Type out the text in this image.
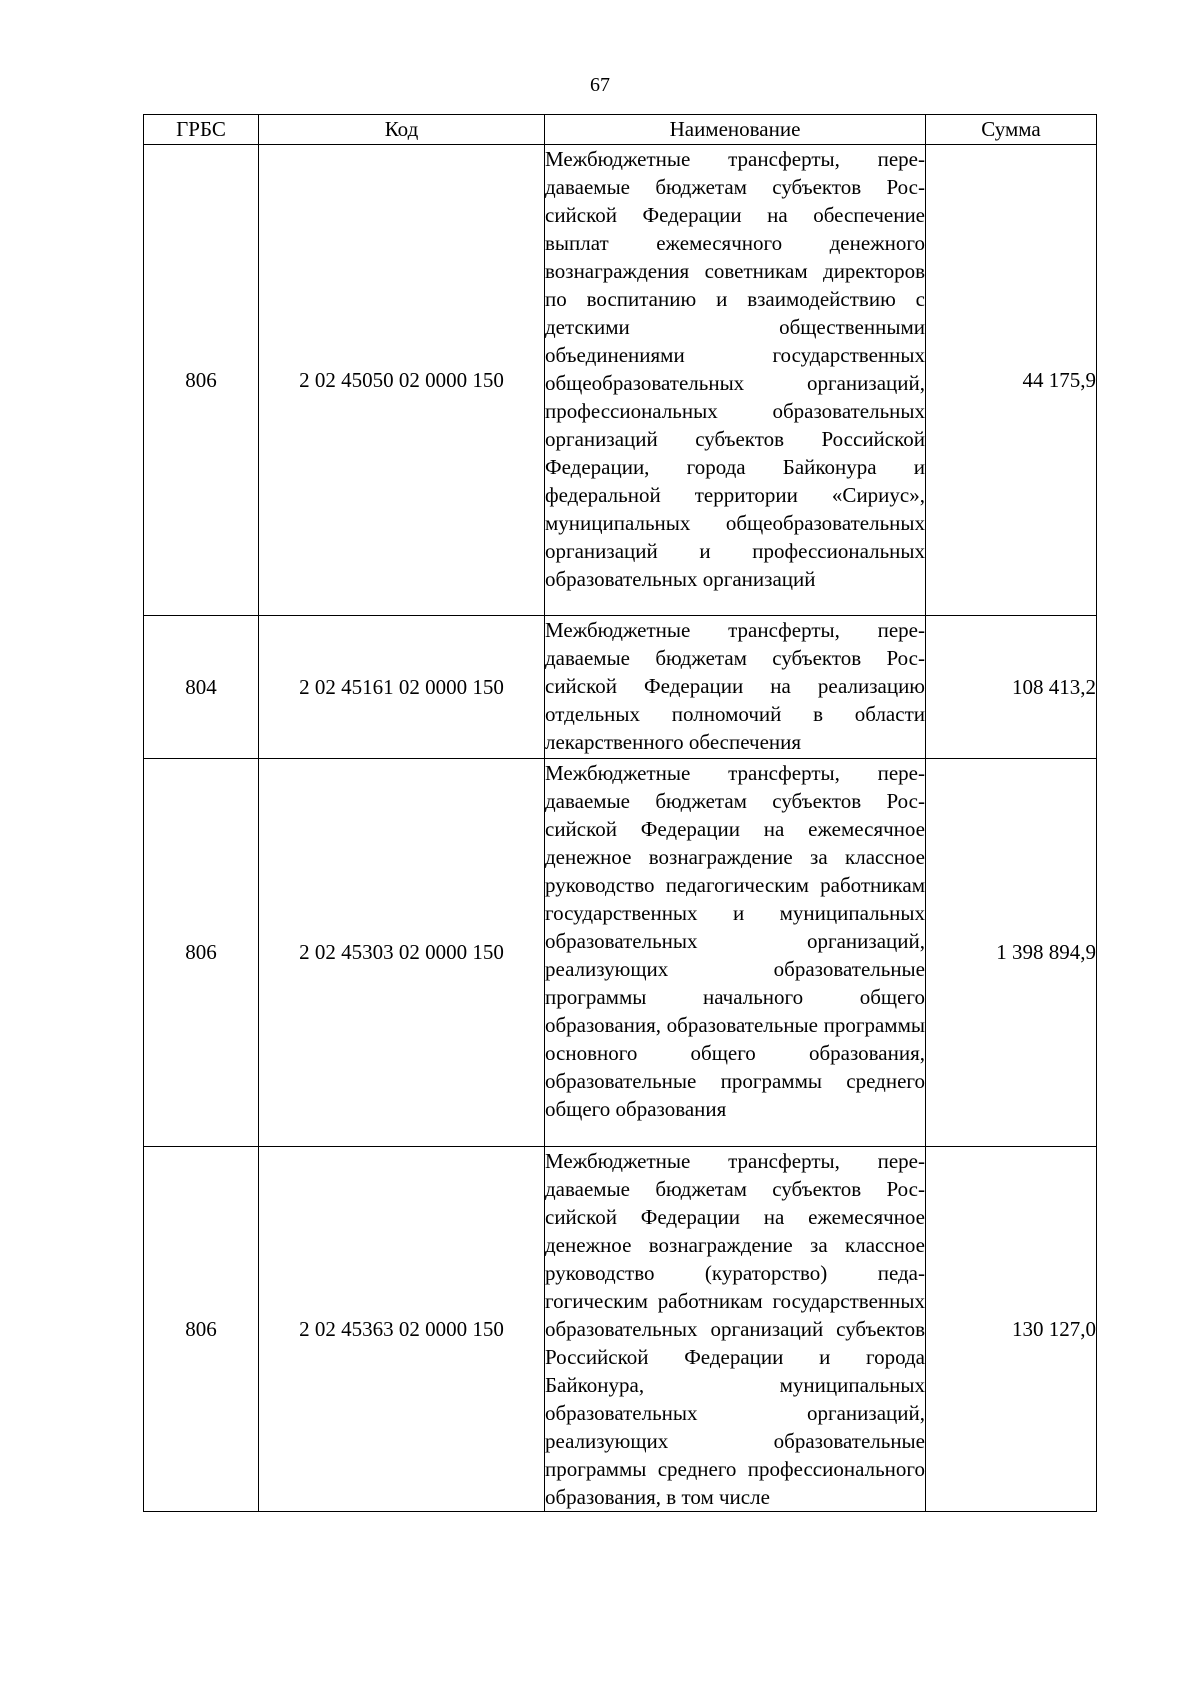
67
ГРБС	Код	Наименование	Сумма
806	2 02 45050 02 0000 150	Межбюджетные трансферты, передаваемые бюджетам субъектов Российской Федерации на обеспечение выплат ежемесячного денежного вознаграждения советникам директоров по воспитанию и взаимодействию с детскими общественными объединениями государственных общеобразовательных организаций, профессиональных образовательных организаций субъектов Российской Федерации, города Байконура и федеральной территории «Сириус», муниципальных общеобразовательных организаций и профессиональных образовательных организаций	44 175,9
804	2 02 45161 02 0000 150	Межбюджетные трансферты, передаваемые бюджетам субъектов Российской Федерации на реализацию отдельных полномочий в области лекарственного обеспечения	108 413,2
806	2 02 45303 02 0000 150	Межбюджетные трансферты, передаваемые бюджетам субъектов Российской Федерации на ежемесячное денежное вознаграждение за классное руководство педагогическим работникам государственных и муниципальных образовательных организаций, реализующих образовательные программы начального общего образования, образовательные программы основного общего образования, образовательные программы среднего общего образования	1 398 894,9
806	2 02 45363 02 0000 150	Межбюджетные трансферты, передаваемые бюджетам субъектов Российской Федерации на ежемесячное денежное вознаграждение за классное руководство (кураторство) педагогическим работникам государственных образовательных организаций субъектов Российской Федерации и города Байконура, муниципальных образовательных организаций, реализующих образовательные программы среднего профессионального образования, в том числе	130 127,0
